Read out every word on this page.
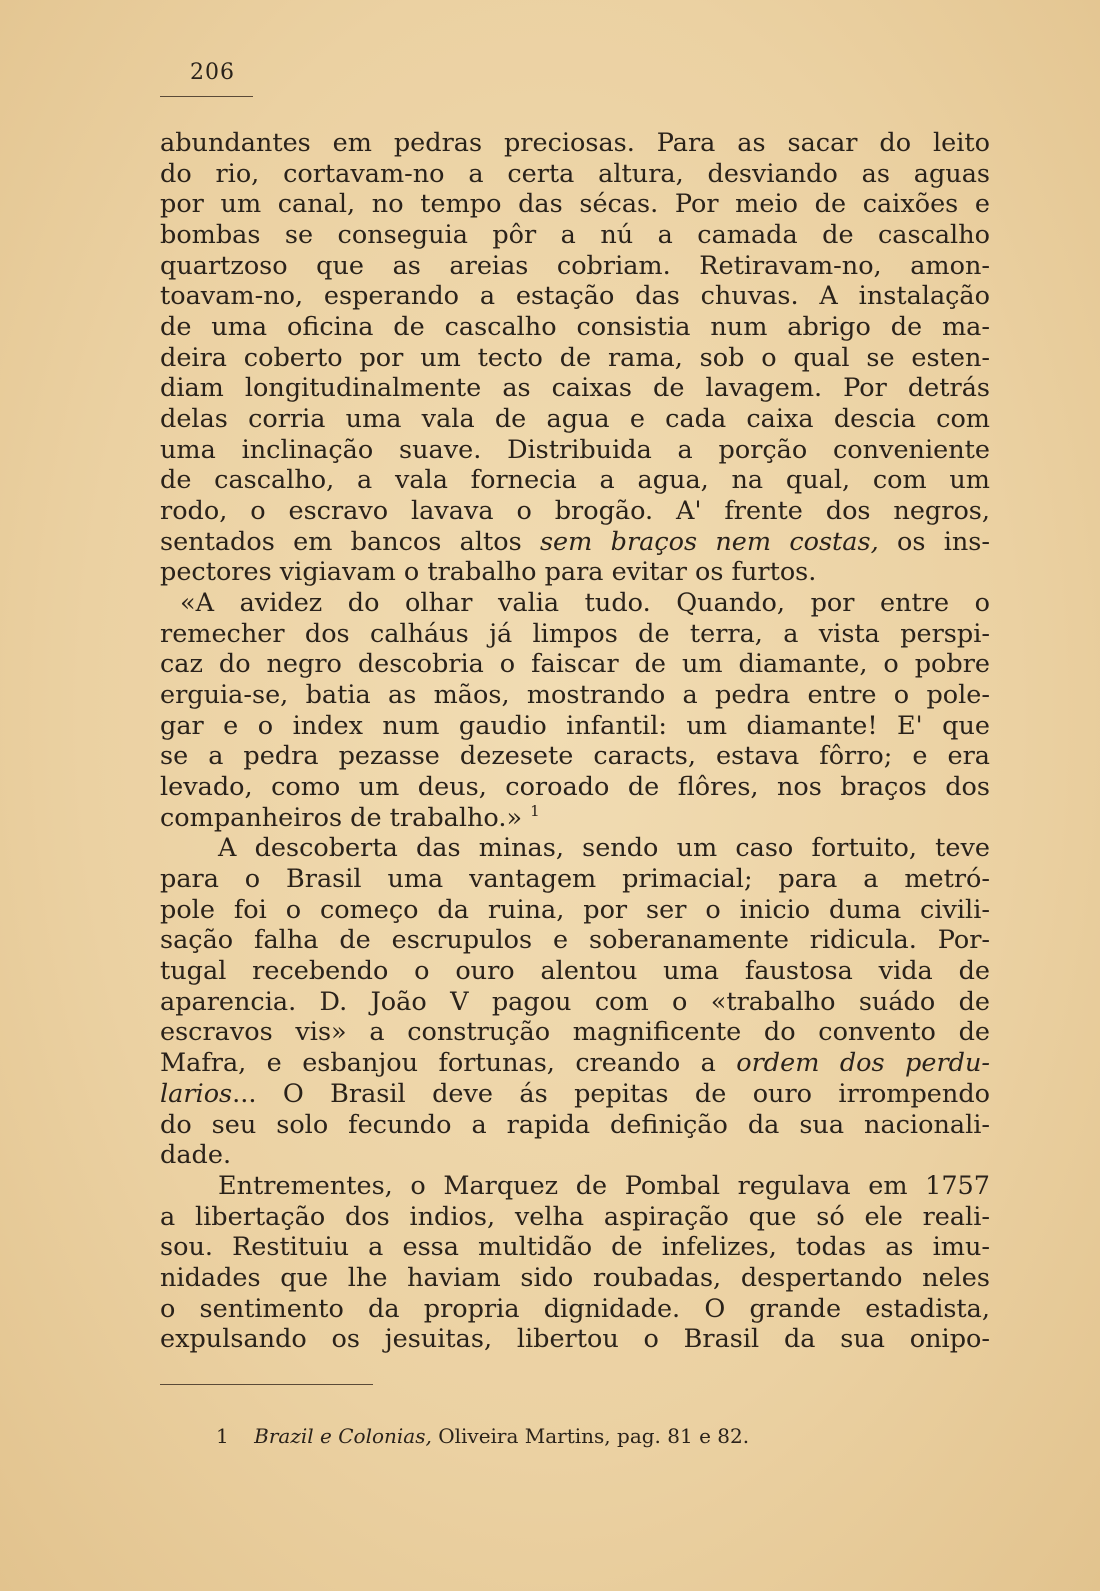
206
abundantes em pedras preciosas. Para as sacar do leito
do rio, cortavam-no a certa altura, desviando as aguas
por um canal, no tempo das sécas. Por meio de caixões e
bombas se conseguia pôr a nú a camada de cascalho
quartzoso que as areias cobriam. Retiravam-no, amon-
toavam-no, esperando a estação das chuvas. A instalação
de uma oficina de cascalho consistia num abrigo de ma-
deira coberto por um tecto de rama, sob o qual se esten-
diam longitudinalmente as caixas de lavagem. Por detrás
delas corria uma vala de agua e cada caixa descia com
uma inclinação suave. Distribuida a porção conveniente
de cascalho, a vala fornecia a agua, na qual, com um
rodo, o escravo lavava o brogão. A' frente dos negros,
sentados em bancos altos sem braços nem costas, os ins-
pectores vigiavam o trabalho para evitar os furtos.
«A avidez do olhar valia tudo. Quando, por entre o
remecher dos calháus já limpos de terra, a vista perspi-
caz do negro descobria o faiscar de um diamante, o pobre
erguia-se, batia as mãos, mostrando a pedra entre o pole-
gar e o index num gaudio infantil: um diamante! E' que
se a pedra pezasse dezesete caracts, estava fôrro; e era
levado, como um deus, coroado de flôres, nos braços dos
companheiros de trabalho.» $^1$
A descoberta das minas, sendo um caso fortuito, teve
para o Brasil uma vantagem primacial; para a metró-
pole foi o começo da ruina, por ser o inicio duma civili-
sação falha de escrupulos e soberanamente ridicula. Por-
tugal recebendo o ouro alentou uma faustosa vida de
aparencia. D. João V pagou com o «trabalho suádo de
escravos vis» a construção magnificente do convento de
Mafra, e esbanjou fortunas, creando a ordem dos perdu-
larios... O Brasil deve ás pepitas de ouro irrompendo
do seu solo fecundo a rapida definição da sua nacionali-
dade.
Entrementes, o Marquez de Pombal regulava em 1757
a libertação dos indios, velha aspiração que só ele reali-
sou. Restituiu a essa multidão de infelizes, todas as imu-
nidades que lhe haviam sido roubadas, despertando neles
o sentimento da propria dignidade. O grande estadista,
expulsando os jesuitas, libertou o Brasil da sua onipo-
1 Brazil e Colonias, Oliveira Martins, pag. 81 e 82.
